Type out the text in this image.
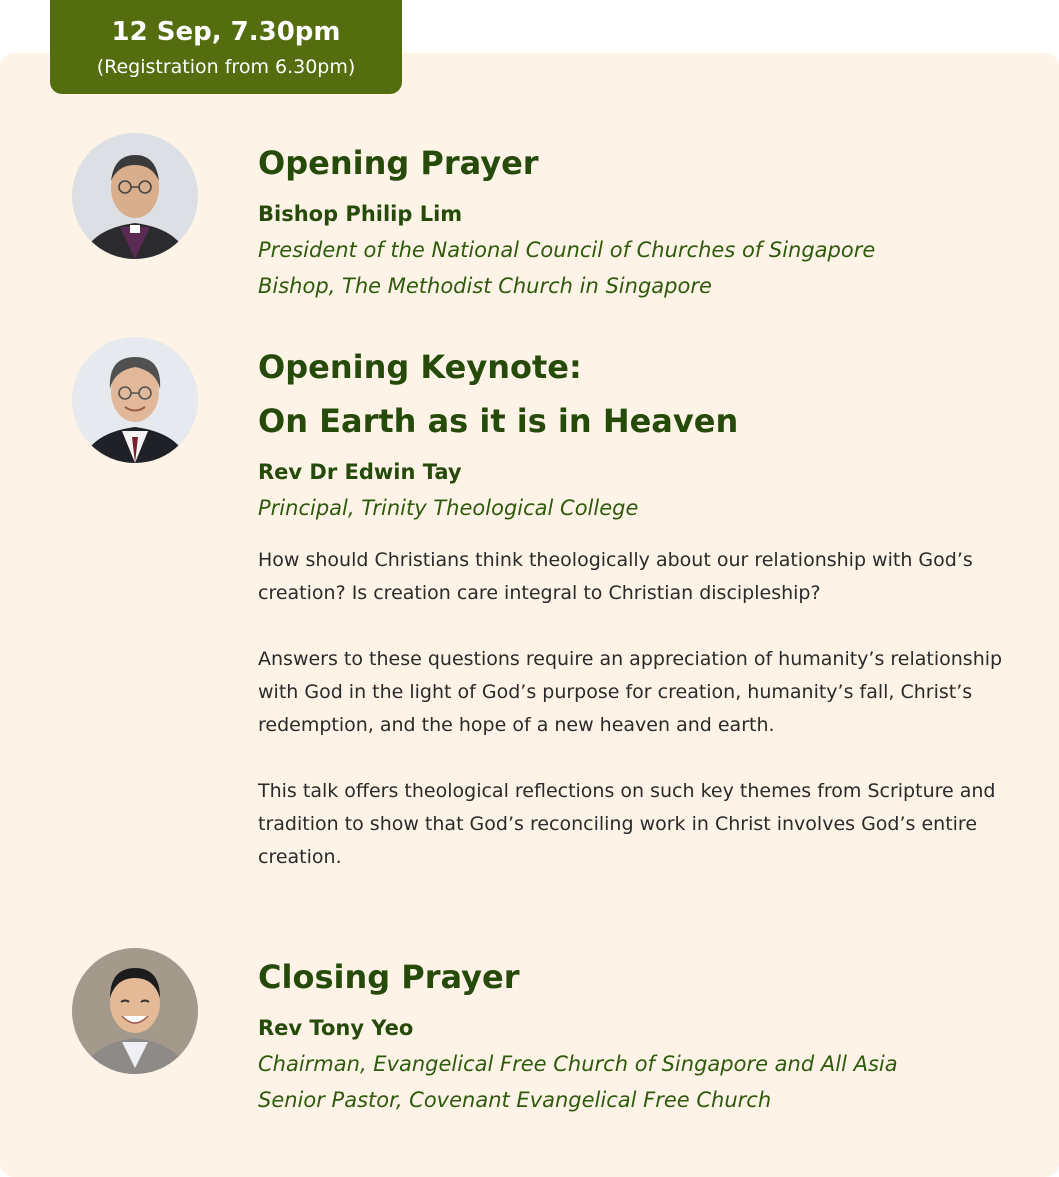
12 Sep, 7.30pm
(Registration from 6.30pm)
Opening Prayer
Bishop Philip Lim
President of the National Council of Churches of Singapore
Bishop, The Methodist Church in Singapore
Opening Keynote:
On Earth as it is in Heaven
Rev Dr Edwin Tay
Principal, Trinity Theological College

How should Christians think theologically about our relationship with God’s creation? Is creation care integral to Christian discipleship?

Answers to these questions require an appreciation of humanity’s relationship with God in the light of God’s purpose for creation, humanity’s fall, Christ’s redemption, and the hope of a new heaven and earth.

This talk offers theological reflections on such key themes from Scripture and tradition to show that God’s reconciling work in Christ involves God’s entire creation.

Closing Prayer
Rev Tony Yeo
Chairman, Evangelical Free Church of Singapore and All Asia
Senior Pastor, Covenant Evangelical Free Church
